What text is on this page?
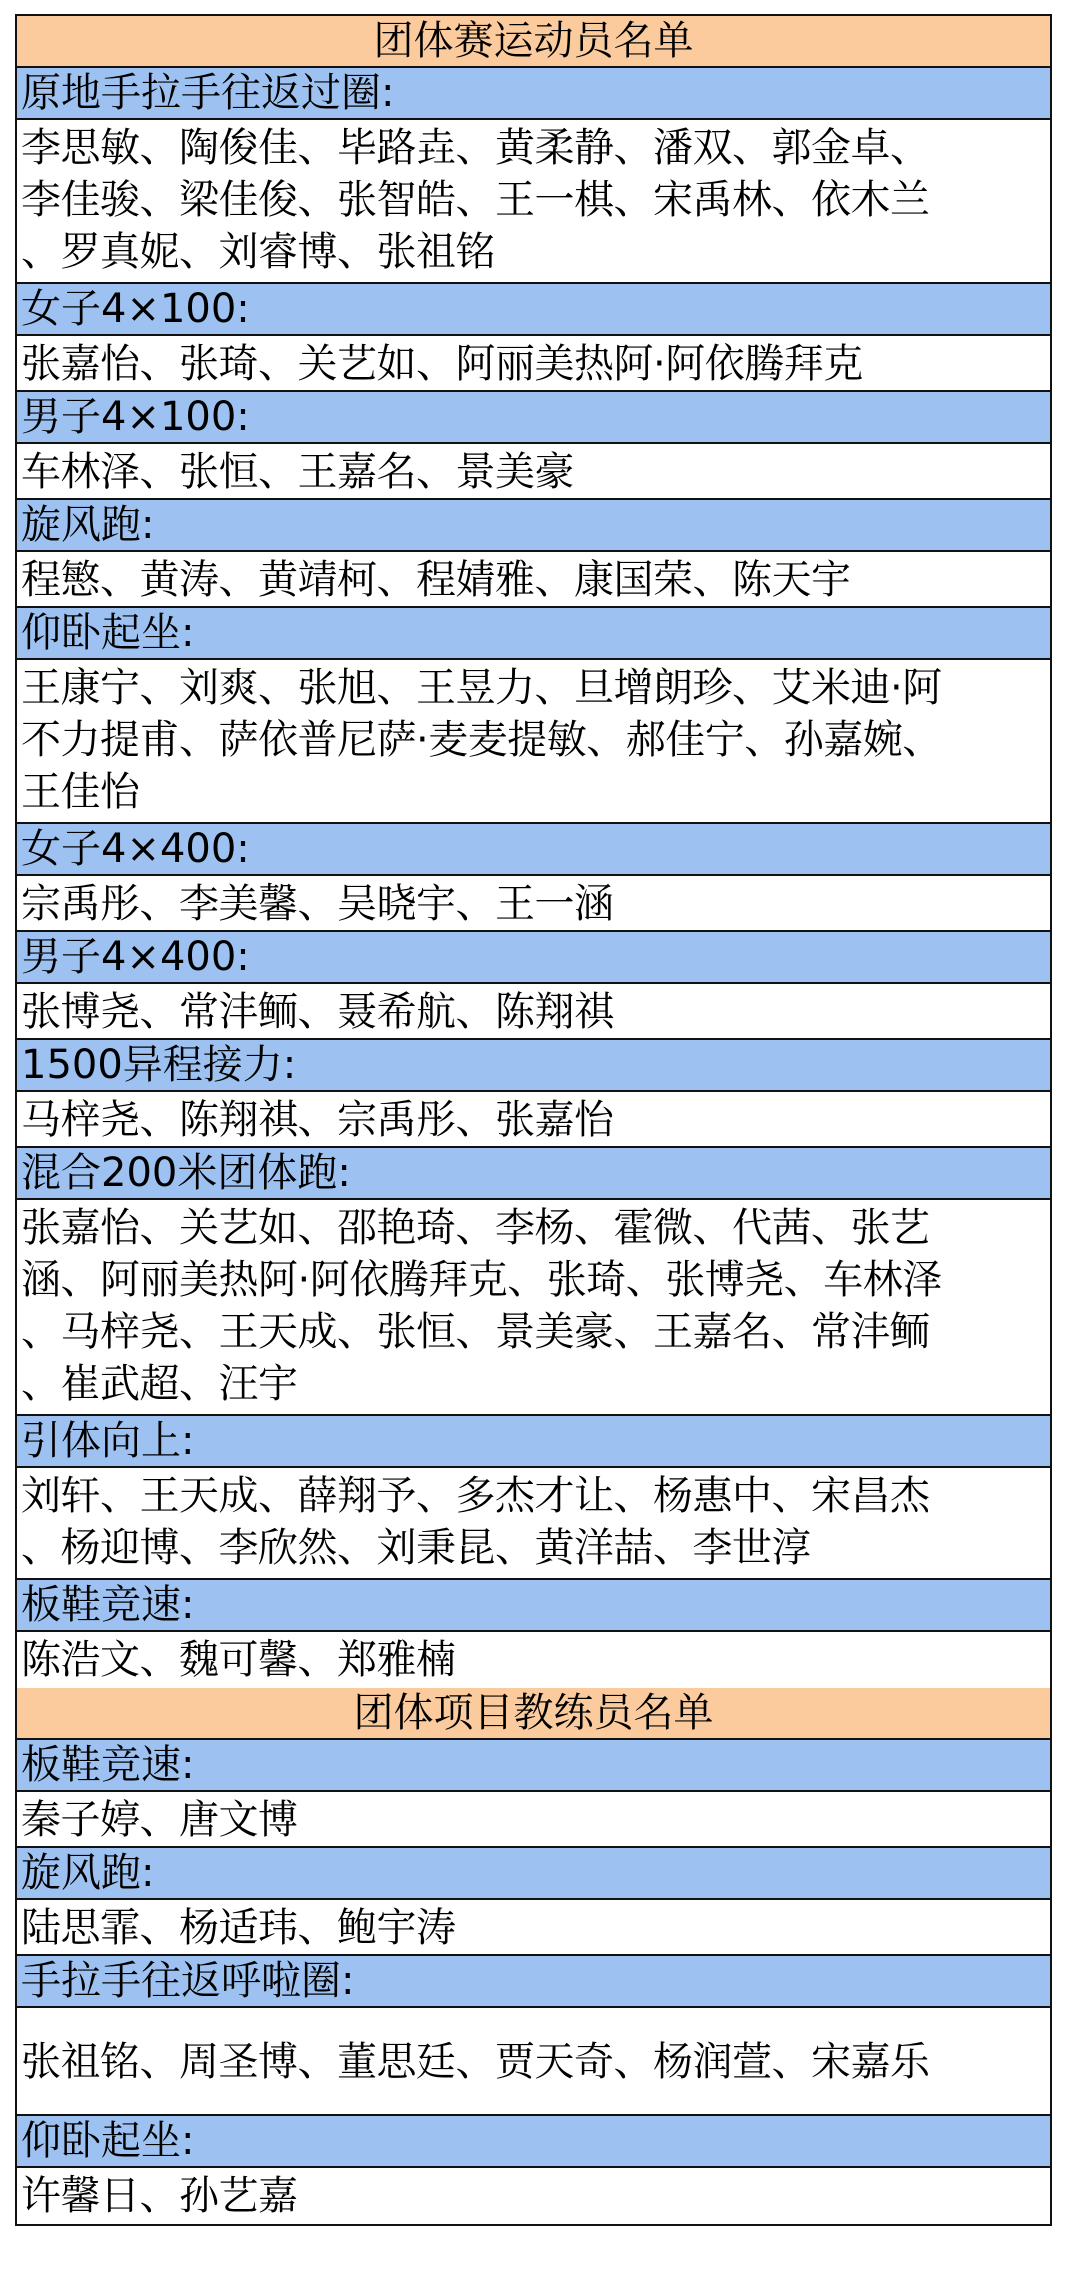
团体赛运动员名单
原地手拉手往返过圈:
李思敏、陶俊佳、毕路垚、黄柔静、潘双、郭金卓、
李佳骏、梁佳俊、张智皓、王一棋、宋禹林、依木兰
、罗真妮、刘睿博、张祖铭
女子4×100:
张嘉怡、张琦、关艺如、阿丽美热阿·阿依腾拜克
男子4×100:
车林泽、张恒、王嘉名、景美豪
旋风跑:
程慜、黄涛、黄靖柯、程婧雅、康国荣、陈天宇
仰卧起坐:
王康宁、刘爽、张旭、王昱力、旦增朗珍、艾米迪·阿
不力提甫、萨依普尼萨·麦麦提敏、郝佳宁、孙嘉婉、
王佳怡
女子4×400:
宗禹彤、李美馨、吴晓宇、王一涵
男子4×400:
张博尧、常沣鲕、聂希航、陈翔祺
1500异程接力:
马梓尧、陈翔祺、宗禹彤、张嘉怡
混合200米团体跑:
张嘉怡、关艺如、邵艳琦、李杨、霍微、代茜、张艺
涵、阿丽美热阿·阿依腾拜克、张琦、张博尧、车林泽
、马梓尧、王天成、张恒、景美豪、王嘉名、常沣鲕
、崔武超、汪宇
引体向上:
刘轩、王天成、薛翔予、多杰才让、杨惠中、宋昌杰
、杨迎博、李欣然、刘秉昆、黄洋喆、李世淳
板鞋竞速:
陈浩文、魏可馨、郑雅楠
团体项目教练员名单
板鞋竞速:
秦子婷、唐文博
旋风跑:
陆思霏、杨适玮、鲍宇涛
手拉手往返呼啦圈:
张祖铭、周圣博、董思廷、贾天奇、杨润萱、宋嘉乐
仰卧起坐:
许馨日、孙艺嘉
